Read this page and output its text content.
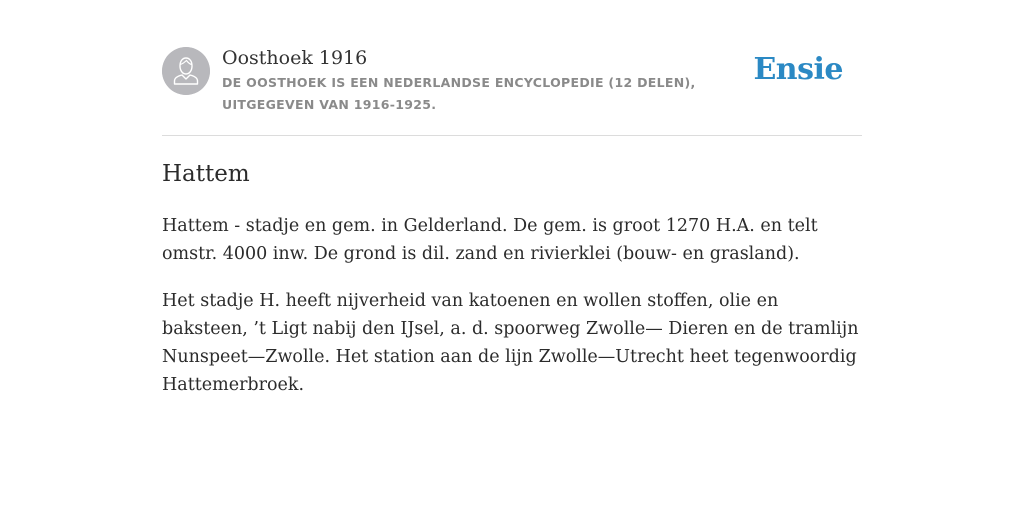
Oosthoek 1916
DE OOSTHOEK IS EEN NEDERLANDSE ENCYCLOPEDIE (12 DELEN), UITGEGEVEN VAN 1916-1925.
Ensie
Hattem

Hattem - stadje en gem. in Gelderland. De gem. is groot 1270 H.A. en telt omstr. 4000 inw. De grond is dil. zand en rivierklei (bouw- en grasland).

Het stadje H. heeft nijverheid van katoenen en wollen stoffen, olie en baksteen, ’t Ligt nabij den IJsel, a. d. spoorweg Zwolle— Dieren en de tramlijn Nunspeet—Zwolle. Het station aan de lijn Zwolle—Utrecht heet tegenwoordig Hattemerbroek.
